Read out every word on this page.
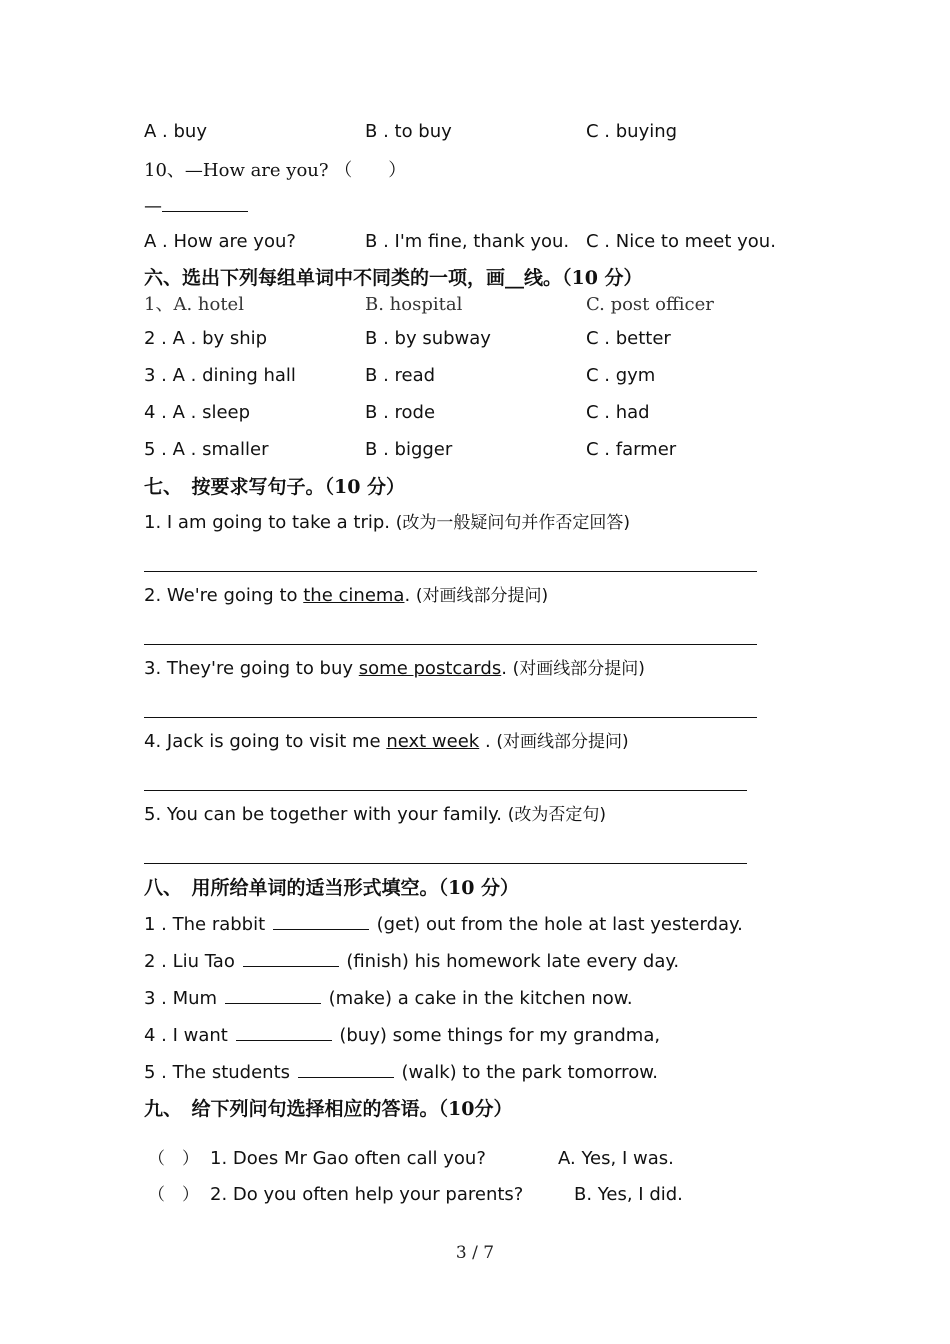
A . buy	B . to buy	C . buying
10、—How are you? （　　）
—
A . How are you?	B . I'm fine, thank you. C . Nice to meet you.
六、选出下列每组单词中不同类的一项，画__线。（10 分）
1、A. hotel	B. hospital	C. post officer
2 . A . by ship	B . by subway	C . better
3 . A . dining hall	B . read	C . gym
4 . A . sleep	B . rode	C . had
5 . A . smaller	B . bigger	C . farmer
七、　按要求写句子。（10 分）
1. I am going to take a trip. (改为一般疑问句并作否定回答)
2. We're going to the cinema. (对画线部分提问)
3. They're going to buy some postcards. (对画线部分提问)
4. Jack is going to visit me next week . (对画线部分提问)
5. You can be together with your family. (改为否定句)
八、　用所给单词的适当形式填空。（10 分）
1 . The rabbit	(get) out from the hole at last yesterday.
2 . Liu Tao	(finish) his homework late every day.
3 . Mum	(make) a cake in the kitchen now.
4 . I want	(buy) some things for my grandma,
5 . The students	(walk) to the park tomorrow.
九、　给下列问句选择相应的答语。（10分）
（　） 1. Does Mr Gao often call you?	A. Yes, I was.
（　） 2. Do you often help your parents?	B. Yes, I did.
3 / 7
